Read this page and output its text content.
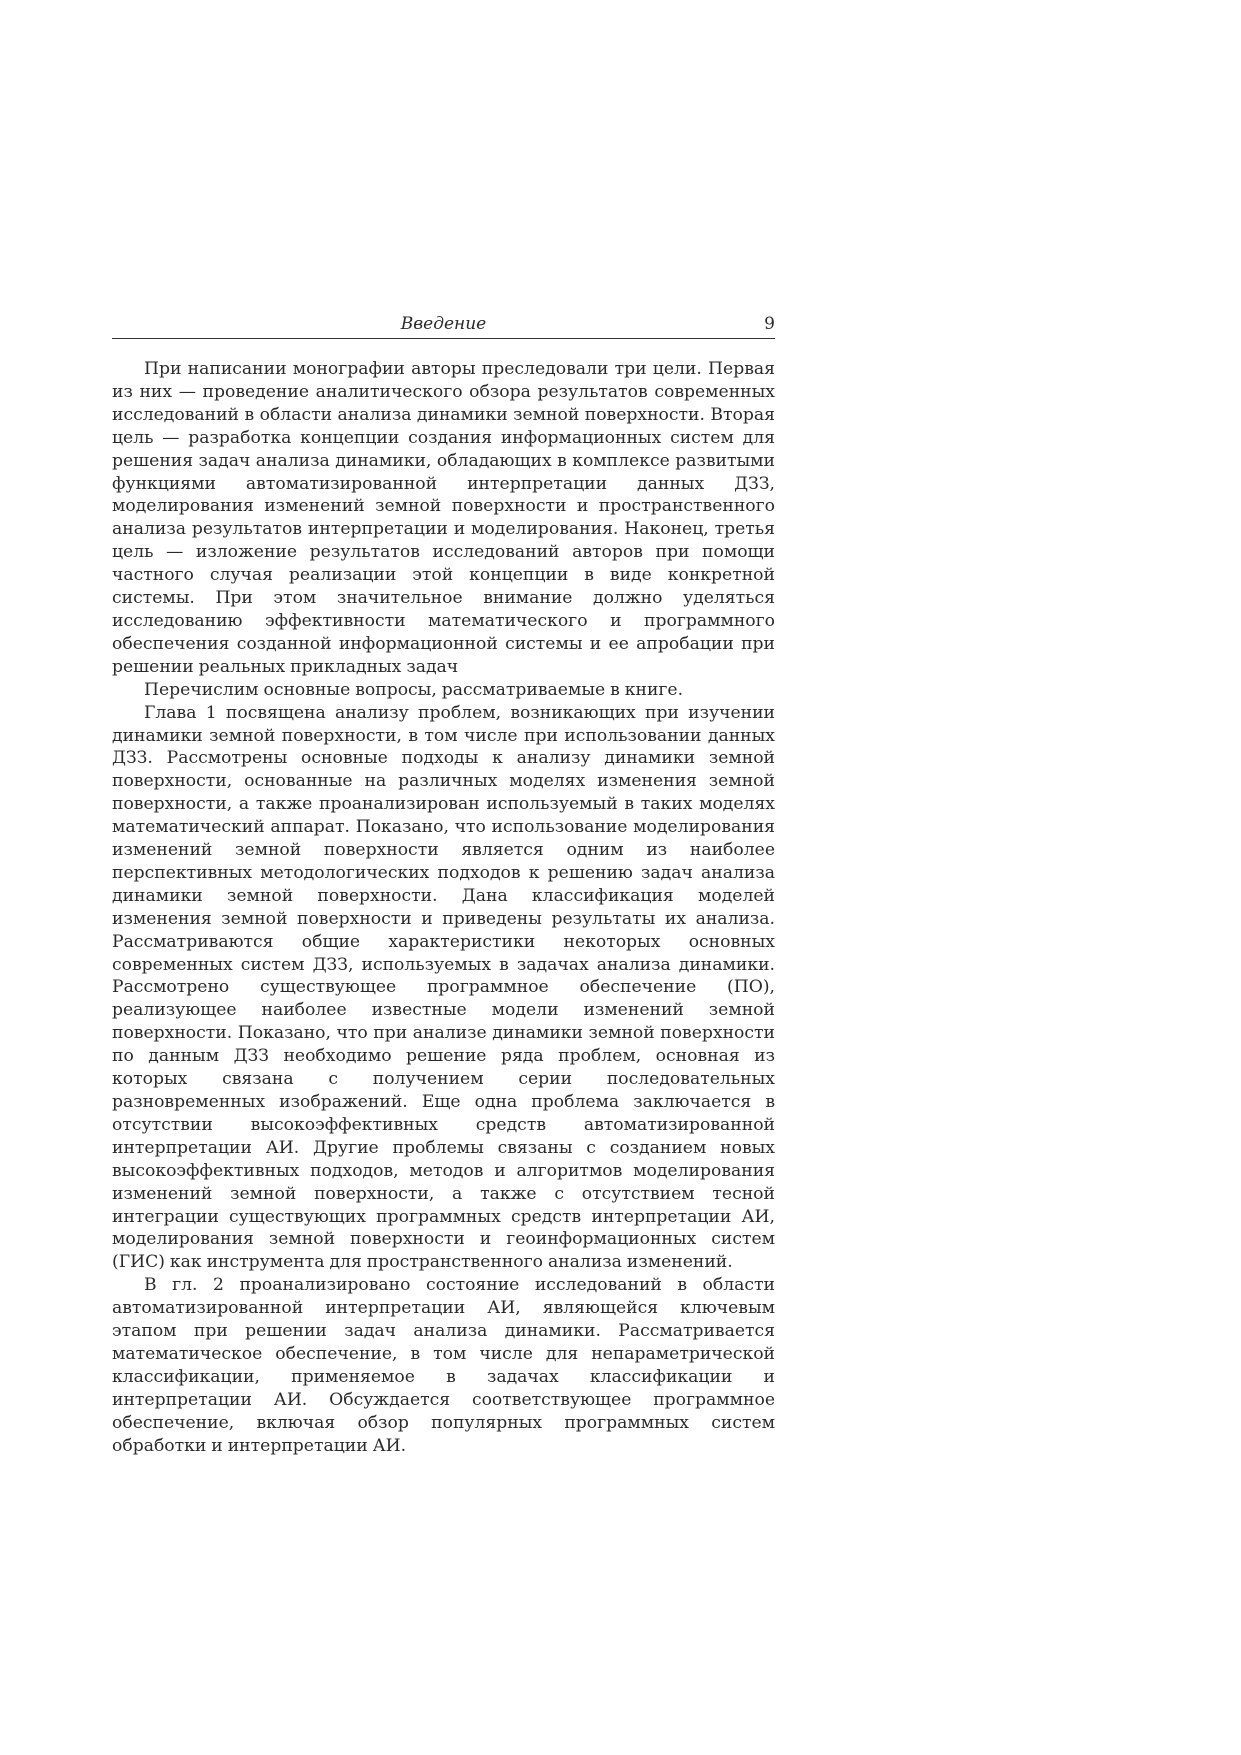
Введение	9

При написании монографии авторы преследовали три цели. Первая из них — проведение аналитического обзора результатов современных исследований в области анализа динамики земной поверхности. Вторая цель — разработка концепции создания информационных систем для решения задач анализа динамики, обладающих в комплексе развитыми функциями автоматизированной интерпретации данных ДЗЗ, моделирования изменений земной поверхности и пространственного анализа результатов интерпретации и моделирования. Наконец, третья цель — изложение результатов исследований авторов при помощи частного случая реализации этой концепции в виде конкретной системы. При этом значительное внимание должно уделяться исследованию эффективности математического и программного обеспечения созданной информационной системы и ее апробации при решении реальных прикладных задач

Перечислим основные вопросы, рассматриваемые в книге.

Глава 1 посвящена анализу проблем, возникающих при изучении динамики земной поверхности, в том числе при использовании данных ДЗЗ. Рассмотрены основные подходы к анализу динамики земной поверхности, основанные на различных моделях изменения земной поверхности, а также проанализирован используемый в таких моделях математический аппарат. Показано, что использование моделирования изменений земной поверхности является одним из наиболее перспективных методологических подходов к решению задач анализа динамики земной поверхности. Дана классификация моделей изменения земной поверхности и приведены результаты их анализа. Рассматриваются общие характеристики некоторых основных современных систем ДЗЗ, используемых в задачах анализа динамики. Рассмотрено существующее программное обеспечение (ПО), реализующее наиболее известные модели изменений земной поверхности. Показано, что при анализе динамики земной поверхности по данным ДЗЗ необходимо решение ряда проблем, основная из которых связана с получением серии последовательных разновременных изображений. Еще одна проблема заключается в отсутствии высокоэффективных средств автоматизированной интерпретации АИ. Другие проблемы связаны с созданием новых высокоэффективных подходов, методов и алгоритмов моделирования изменений земной поверхности, а также с отсутствием тесной интеграции существующих программных средств интерпретации АИ, моделирования земной поверхности и геоинформационных систем (ГИС) как инструмента для пространственного анализа изменений.

В гл. 2 проанализировано состояние исследований в области автоматизированной интерпретации АИ, являющейся ключевым этапом при решении задач анализа динамики. Рассматривается математическое обеспечение, в том числе для непараметрической классификации, применяемое в задачах классификации и интерпретации АИ. Обсуждается соответствующее программное обеспечение, включая обзор популярных программных систем обработки и интерпретации АИ.
